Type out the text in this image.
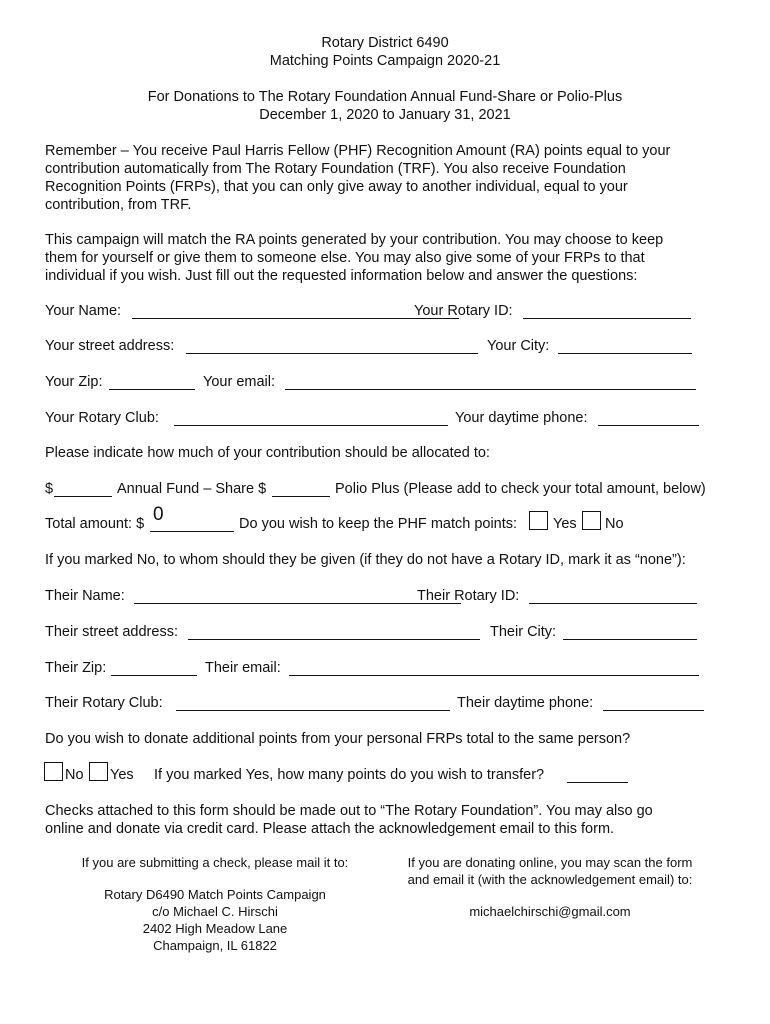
Rotary District 6490
Matching Points Campaign 2020-21
For Donations to The Rotary Foundation Annual Fund-Share or Polio-Plus
December 1, 2020 to January 31, 2021
Remember – You receive Paul Harris Fellow (PHF) Recognition Amount (RA) points equal to your
contribution automatically from The Rotary Foundation (TRF). You also receive Foundation
Recognition Points (FRPs), that you can only give away to another individual, equal to your
contribution, from TRF.
This campaign will match the RA points generated by your contribution. You may choose to keep
them for yourself or give them to someone else. You may also give some of your FRPs to that
individual if you wish. Just fill out the requested information below and answer the questions:
Your Name:	Your Rotary ID:
Your street address:	Your City:
Your Zip:	Your email:
Your Rotary Club:	Your daytime phone:
Please indicate how much of your contribution should be allocated to:
$	Annual Fund – Share $	Polio Plus (Please add to check your total amount, below)
Total amount: $ 0	Do you wish to keep the PHF match points: Yes No
If you marked No, to whom should they be given (if they do not have a Rotary ID, mark it as “none”):
Their Name:	Their Rotary ID:
Their street address:	Their City:
Their Zip:	Their email:
Their Rotary Club:	Their daytime phone:
Do you wish to donate additional points from your personal FRPs total to the same person?
No Yes If you marked Yes, how many points do you wish to transfer?
Checks attached to this form should be made out to “The Rotary Foundation”. You may also go
online and donate via credit card. Please attach the acknowledgement email to this form.
If you are submitting a check, please mail it to:
Rotary D6490 Match Points Campaign
c/o Michael C. Hirschi
2402 High Meadow Lane
Champaign, IL 61822
If you are donating online, you may scan the form
and email it (with the acknowledgement email) to:
michaelchirschi@gmail.com
